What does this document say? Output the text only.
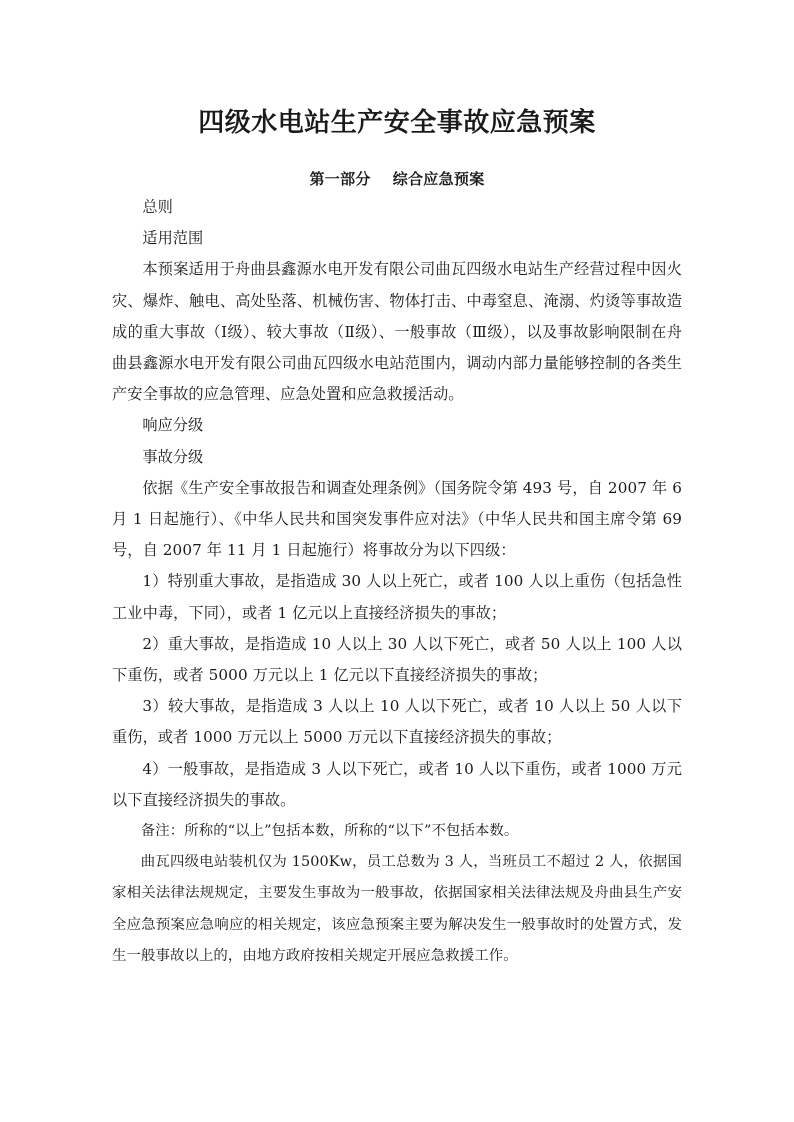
四级水电站生产安全事故应急预案
第一部分 综合应急预案

总则

适用范围

本预案适用于舟曲县鑫源水电开发有限公司曲瓦四级水电站生产经营过程中因火灾、爆炸、触电、高处坠落、机械伤害、物体打击、中毒窒息、淹溺、灼烫等事故造成的重大事故（Ⅰ级）、较大事故（Ⅱ级）、一般事故（Ⅲ级），以及事故影响限制在舟曲县鑫源水电开发有限公司曲瓦四级水电站范围内，调动内部力量能够控制的各类生产安全事故的应急管理、应急处置和应急救援活动。

响应分级

事故分级

依据《生产安全事故报告和调查处理条例》（国务院令第 493 号，自 2007 年 6月 1 日起施行）、《中华人民共和国突发事件应对法》（中华人民共和国主席令第 69号，自 2007 年 11 月 1 日起施行）将事故分为以下四级：

1）特别重大事故，是指造成 30 人以上死亡，或者 100 人以上重伤（包括急性工业中毒，下同），或者 1 亿元以上直接经济损失的事故；

2）重大事故，是指造成 10 人以上 30 人以下死亡，或者 50 人以上 100 人以下重伤，或者 5000 万元以上 1 亿元以下直接经济损失的事故；

3）较大事故，是指造成 3 人以上 10 人以下死亡，或者 10 人以上 50 人以下重伤，或者 1000 万元以上 5000 万元以下直接经济损失的事故；

4）一般事故，是指造成 3 人以下死亡，或者 10 人以下重伤，或者 1000 万元以下直接经济损失的事故。

备注：所称的“以上”包括本数，所称的“以下”不包括本数。

曲瓦四级电站装机仅为 1500Kw，员工总数为 3 人，当班员工不超过 2 人，依据国家相关法律法规规定，主要发生事故为一般事故，依据国家相关法律法规及舟曲县生产安全应急预案应急响应的相关规定，该应急预案主要为解决发生一般事故时的处置方式，发生一般事故以上的，由地方政府按相关规定开展应急救援工作。
